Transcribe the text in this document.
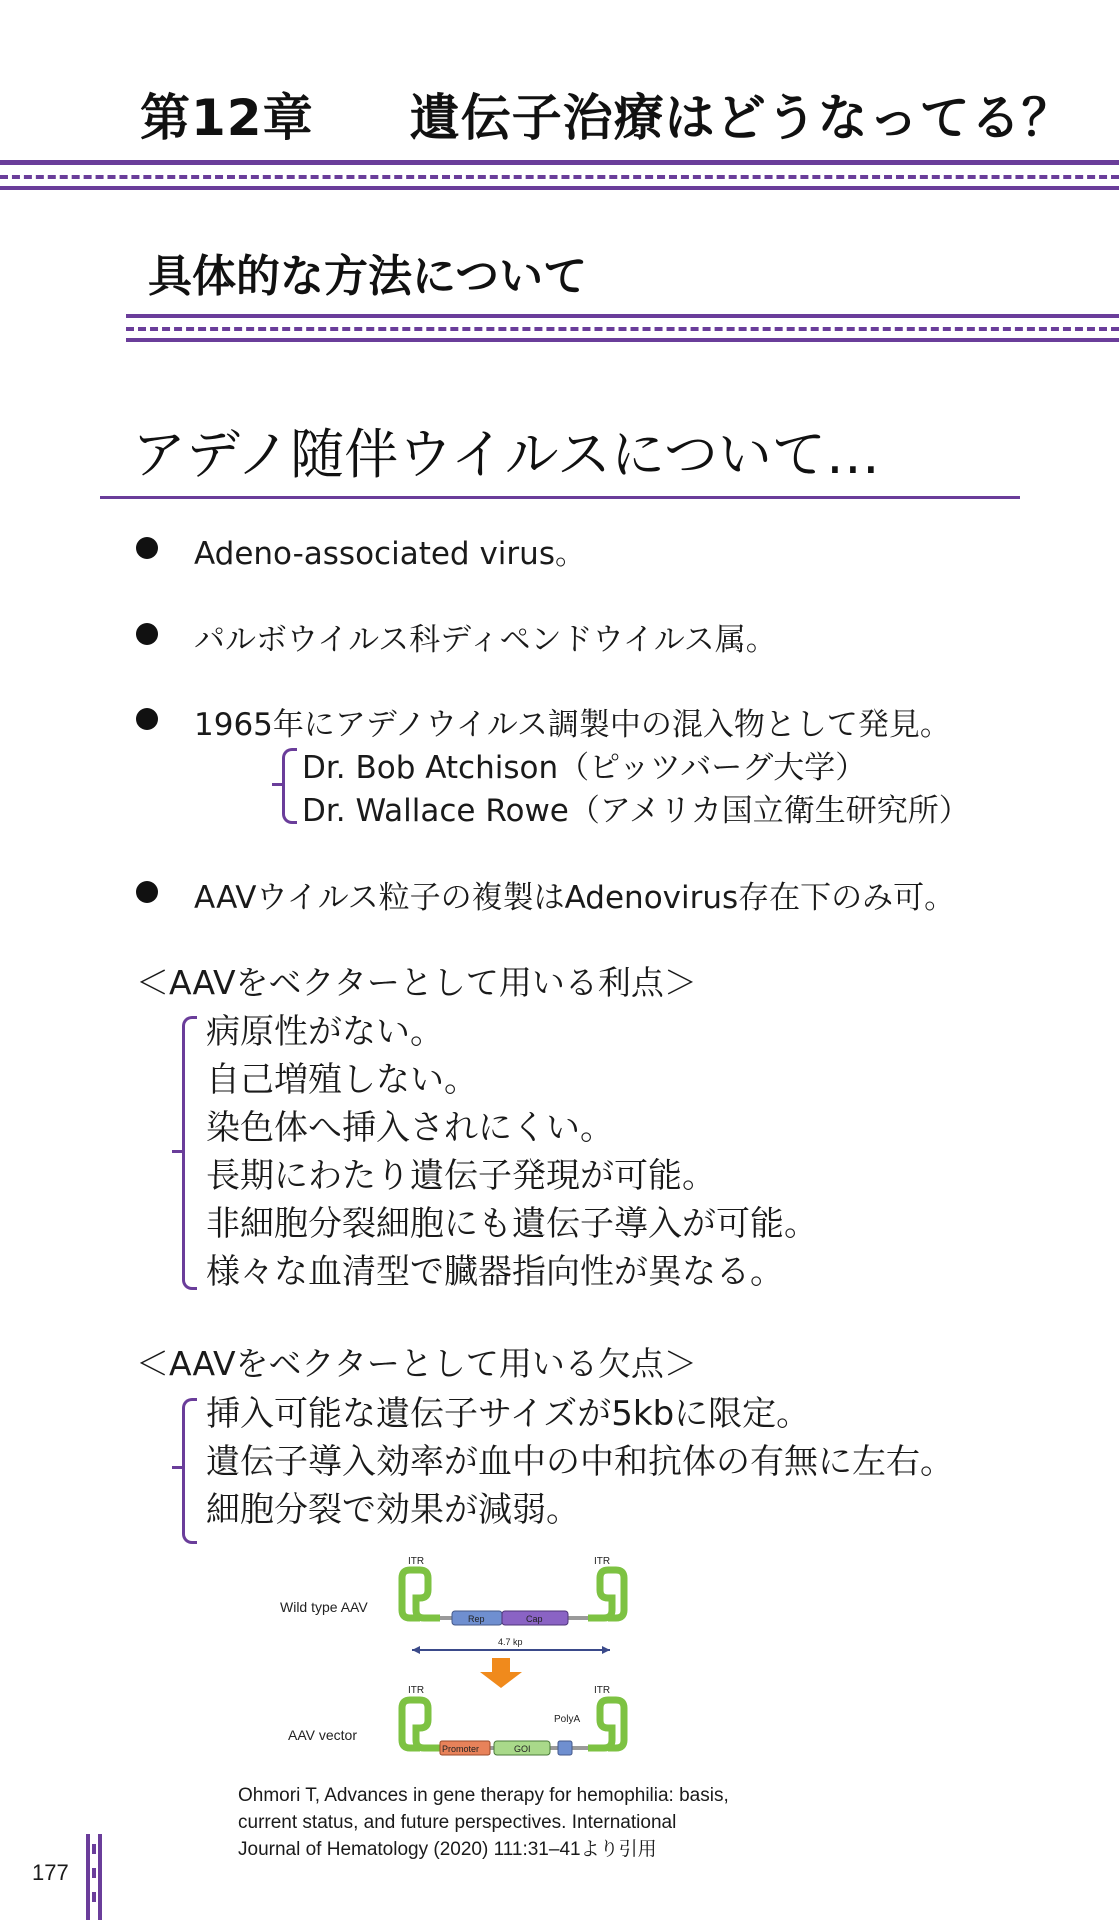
第12章 遺伝子治療はどうなってる？
具体的な方法について
アデノ随伴ウイルスについて…
Adeno-associated virus。
パルボウイルス科ディペンドウイルス属。
1965年にアデノウイルス調製中の混入物として発見。
Dr. Bob Atchison（ピッツバーグ大学）
Dr. Wallace Rowe（アメリカ国立衛生研究所）
AAVウイルス粒子の複製はAdenovirus存在下のみ可。
＜AAVをベクターとして用いる利点＞
病原性がない。
自己増殖しない。
染色体へ挿入されにくい。
長期にわたり遺伝子発現が可能。
非細胞分裂細胞にも遺伝子導入が可能。
様々な血清型で臓器指向性が異なる。
＜AAVをベクターとして用いる欠点＞
挿入可能な遺伝子サイズが5kbに限定。
遺伝子導入効率が血中の中和抗体の有無に左右。
細胞分裂で効果が減弱。
Wild type AAV
ITR	ITR
Rep	Cap
4.7 kp
AAV vector
ITR	ITR
PolyA
Promoter	GOI
Ohmori T, Advances in gene therapy for hemophilia: basis,
current status, and future perspectives. International
Journal of Hematology (2020) 111:31–41より引用
177
